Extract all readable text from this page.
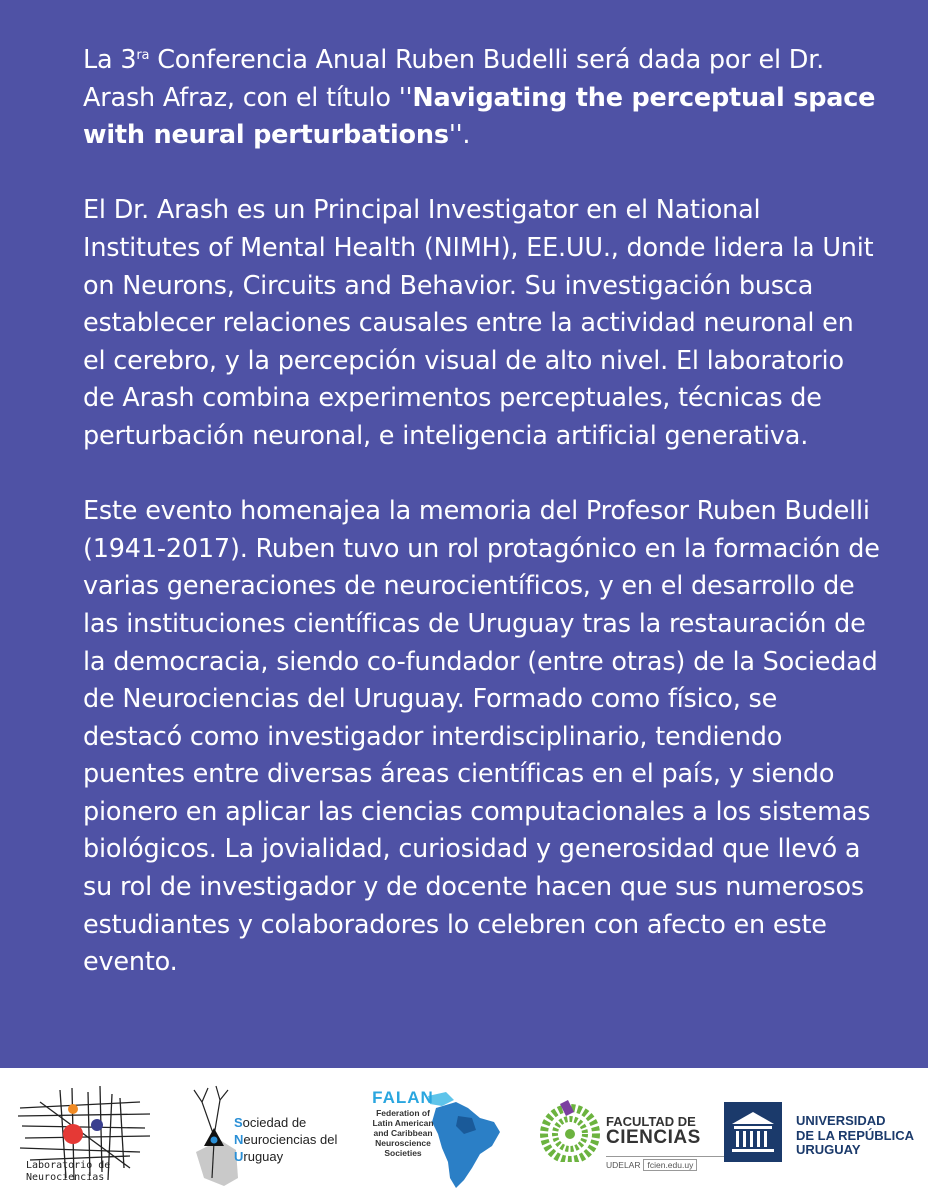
La $3^{ra}$ Conferencia Anual Ruben Budelli será dada por el Dr. Arash Afraz, con el título ''Navigating the perceptual space with neural perturbations''.

El Dr. Arash es un Principal Investigator en el National Institutes of Mental Health (NIMH), EE.UU., donde lidera la Unit on Neurons, Circuits and Behavior. Su investigación busca establecer relaciones causales entre la actividad neuronal en el cerebro, y la percepción visual de alto nivel. El laboratorio de Arash combina experimentos perceptuales, técnicas de perturbación neuronal, e inteligencia artificial generativa.

Este evento homenajea la memoria del Profesor Ruben Budelli (1941-2017). Ruben tuvo un rol protagónico en la formación de varias generaciones de neurocientíficos, y en el desarrollo de las instituciones científicas de Uruguay tras la restauración de la democracia, siendo co-fundador (entre otras) de la Sociedad de Neurociencias del Uruguay. Formado como físico, se destacó como investigador interdisciplinario, tendiendo puentes entre diversas áreas científicas en el país, y siendo pionero en aplicar las ciencias computacionales a los sistemas biológicos. La jovialidad, curiosidad y generosidad que llevó a su rol de investigador y de docente hacen que sus numerosos estudiantes y colaboradores lo celebren con afecto en este evento.

Laboratorio de
Neurociencias
Sociedad de
Neurociencias del
Uruguay
FALAN
Federation of
Latin American
and Caribbean
Neuroscience
Societies
FACULTAD DE
CIENCIAS
UDELAR fcien.edu.uy
UNIVERSIDAD
DE LA REPÚBLICA
URUGUAY
